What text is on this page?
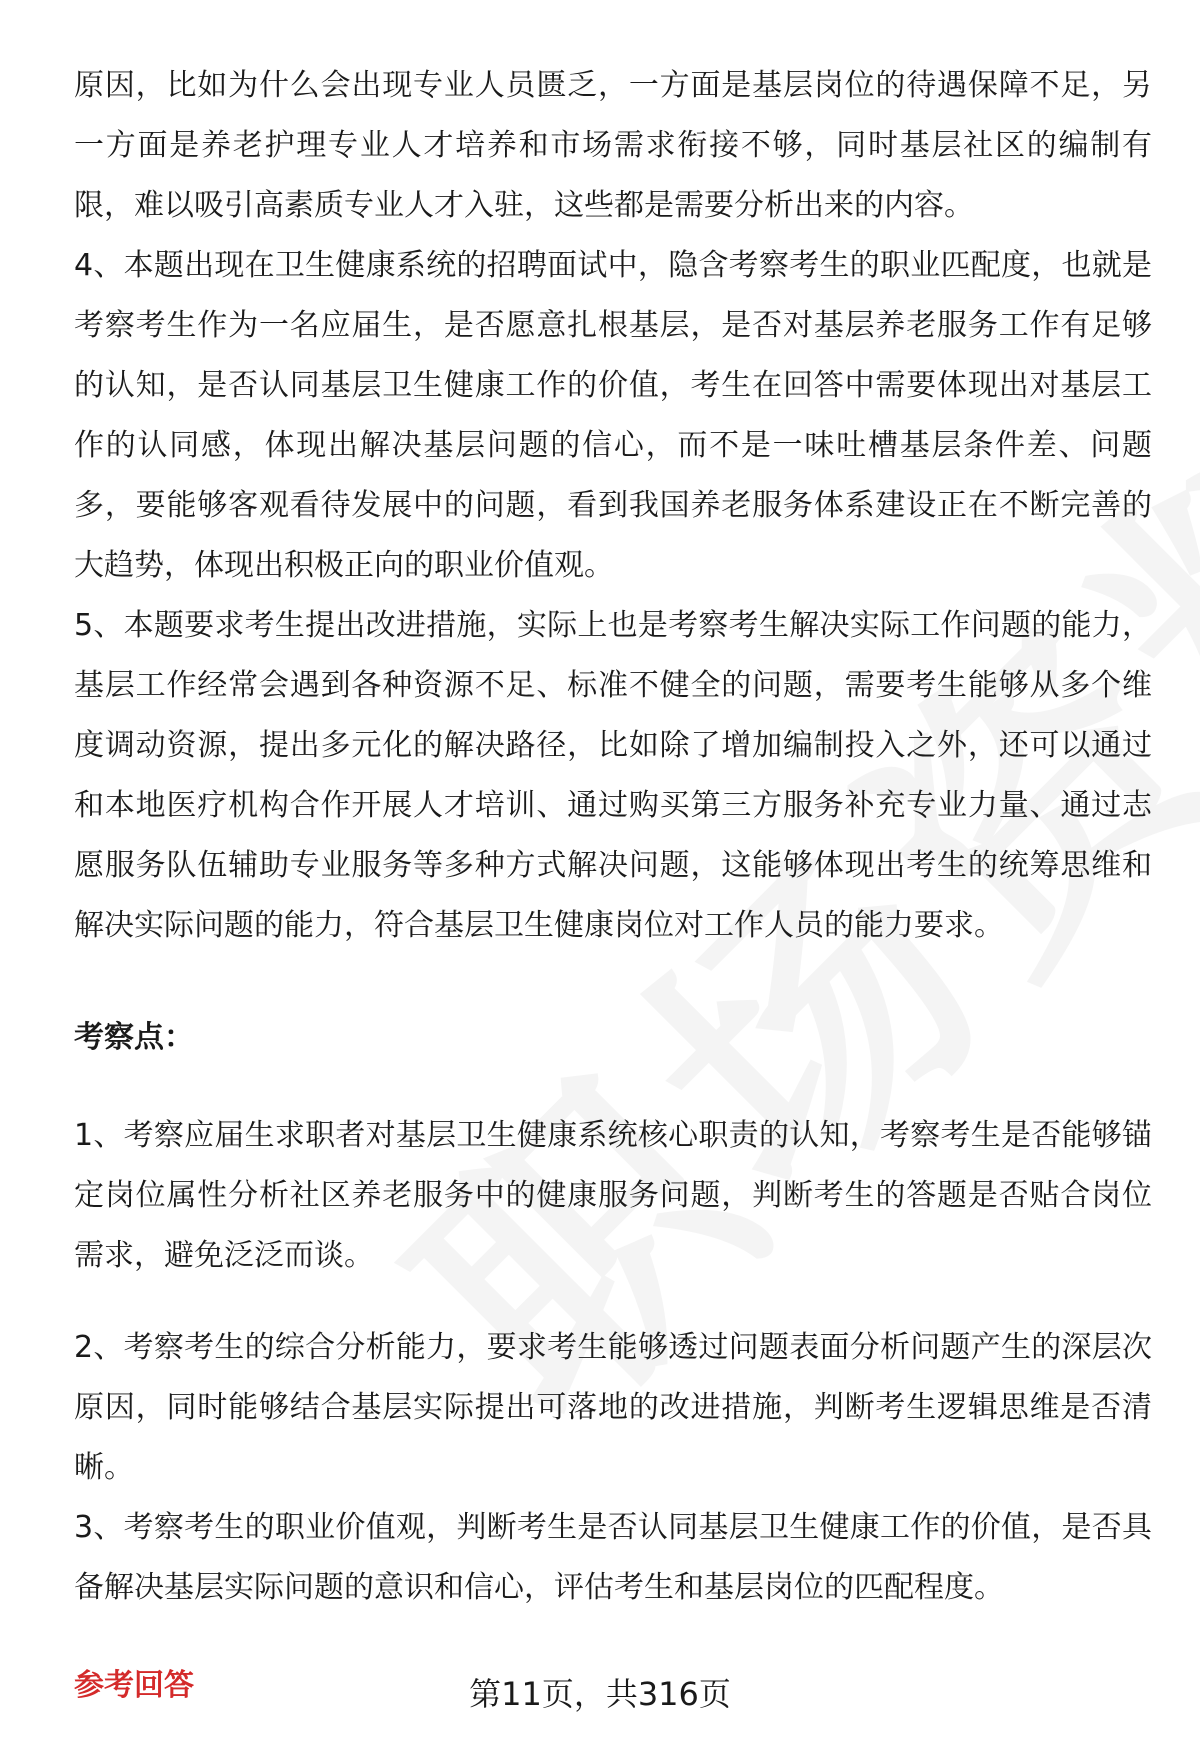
原因，比如为什么会出现专业人员匮乏，一方面是基层岗位的待遇保障不足，另一方面是养老护理专业人才培养和市场需求衔接不够，同时基层社区的编制有限，难以吸引高素质专业人才入驻，这些都是需要分析出来的内容。

4、本题出现在卫生健康系统的招聘面试中，隐含考察考生的职业匹配度，也就是考察考生作为一名应届生，是否愿意扎根基层，是否对基层养老服务工作有足够的认知，是否认同基层卫生健康工作的价值，考生在回答中需要体现出对基层工作的认同感，体现出解决基层问题的信心，而不是一味吐槽基层条件差、问题多，要能够客观看待发展中的问题，看到我国养老服务体系建设正在不断完善的大趋势，体现出积极正向的职业价值观。

5、本题要求考生提出改进措施，实际上也是考察考生解决实际工作问题的能力，基层工作经常会遇到各种资源不足、标准不健全的问题，需要考生能够从多个维度调动资源，提出多元化的解决路径，比如除了增加编制投入之外，还可以通过和本地医疗机构合作开展人才培训、通过购买第三方服务补充专业力量、通过志愿服务队伍辅助专业服务等多种方式解决问题，这能够体现出考生的统筹思维和解决实际问题的能力，符合基层卫生健康岗位对工作人员的能力要求。

考察点：

1、考察应届生求职者对基层卫生健康系统核心职责的认知，考察考生是否能够锚定岗位属性分析社区养老服务中的健康服务问题，判断考生的答题是否贴合岗位需求，避免泛泛而谈。

2、考察考生的综合分析能力，要求考生能够透过问题表面分析问题产生的深层次原因，同时能够结合基层实际提出可落地的改进措施，判断考生逻辑思维是否清晰。

3、考察考生的职业价值观，判断考生是否认同基层卫生健康工作的价值，是否具备解决基层实际问题的意识和信心，评估考生和基层岗位的匹配程度。

参考回答	第11页，共316页
